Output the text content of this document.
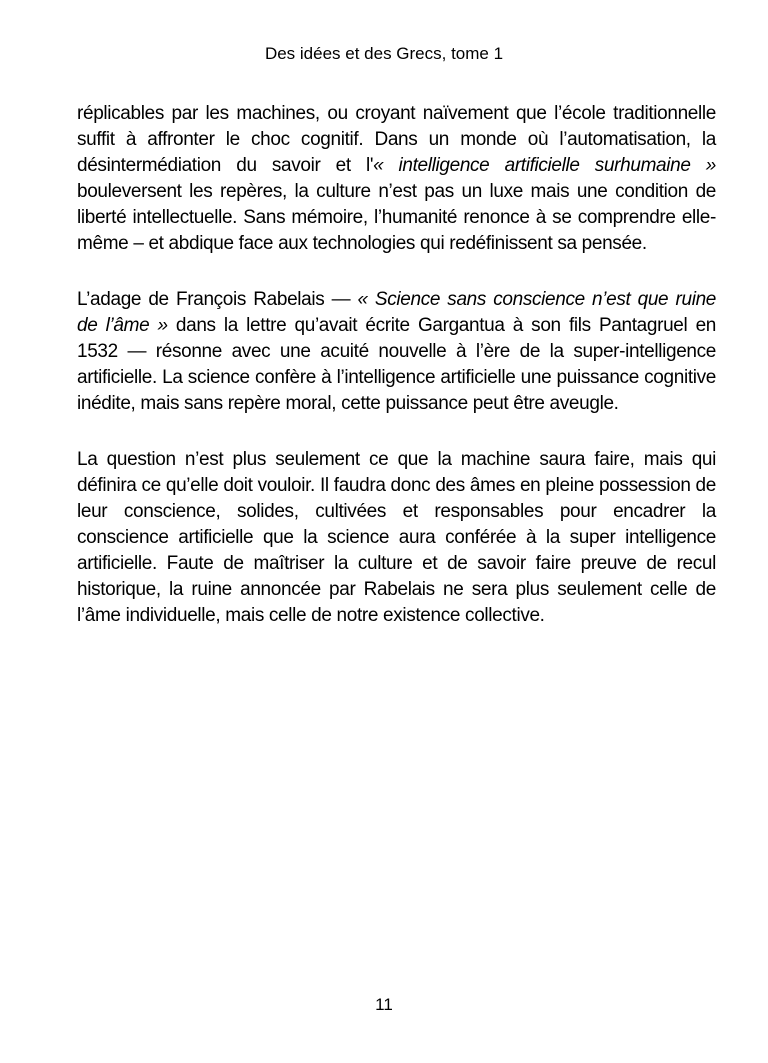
Des idées et des Grecs, tome 1

réplicables par les machines, ou croyant naïvement que l’école traditionnelle suffit à affronter le choc cognitif. Dans un monde où l’automatisation, la désintermédiation du savoir et l'« intelligence artificielle surhumaine » bouleversent les repères, la culture n’est pas un luxe mais une condition de liberté intellectuelle. Sans mémoire, l’humanité renonce à se comprendre elle-même – et abdique face aux technologies qui redéfinissent sa pensée.

L’adage de François Rabelais — « Science sans conscience n’est que ruine de l’âme » dans la lettre qu’avait écrite Gargantua à son fils Pantagruel en 1532 — résonne avec une acuité nouvelle à l’ère de la super-intelligence artificielle. La science confère à l’intelligence artificielle une puissance cognitive inédite, mais sans repère moral, cette puissance peut être aveugle.

La question n’est plus seulement ce que la machine saura faire, mais qui définira ce qu’elle doit vouloir. Il faudra donc des âmes en pleine possession de leur conscience, solides, cultivées et responsables pour encadrer la conscience artificielle que la science aura conférée à la super intelligence artificielle. Faute de maîtriser la culture et de savoir faire preuve de recul historique, la ruine annoncée par Rabelais ne sera plus seulement celle de l’âme individuelle, mais celle de notre existence collective.

11
